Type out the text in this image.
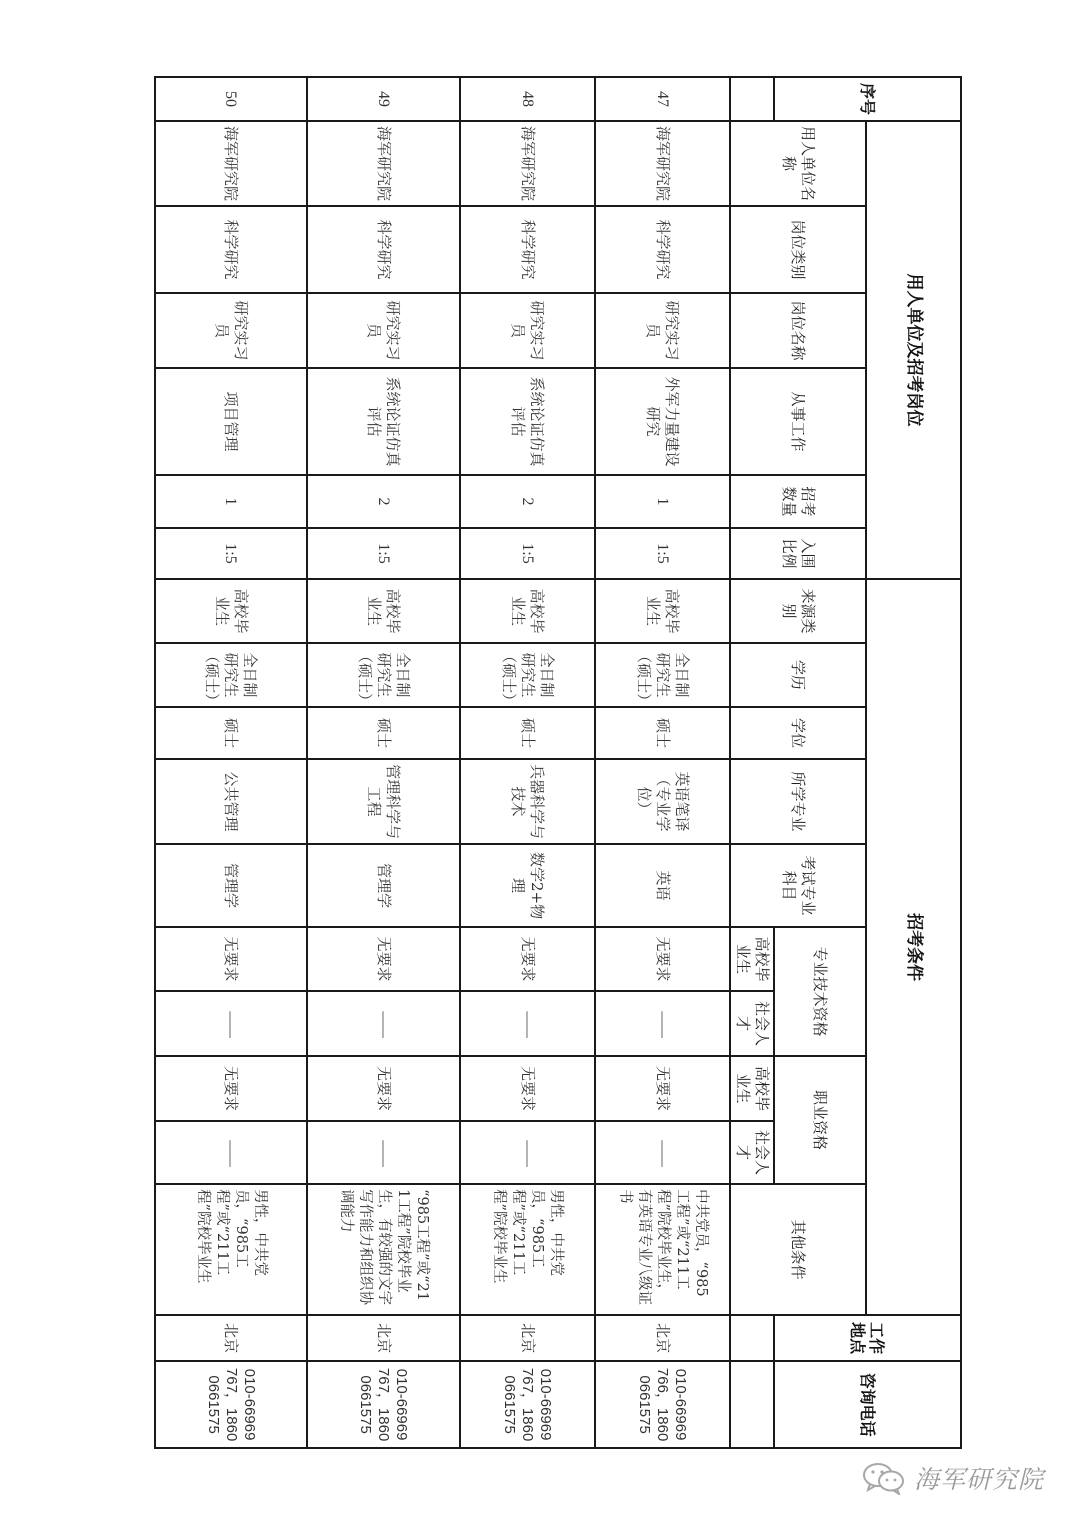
序号	用人单位及招考岗位						招考条件										工作地点	咨询电话
	用人单位名称	岗位类别	岗位名称	从事工作	招考数量	入围比例	来源类别	学历	学位	所学专业	考试专业科目	专业技术资格		职业资格		其他条件		
												高校毕业生	社会人才	高校毕业生	社会人才			
47	海军研究院	科学研究	研究实习员	外军力量建设研究	1	1:5	高校毕业生	全日制研究生（硕士）	硕士	英语笔译（专业学位）	英语	无要求	——	无要求	——	中共党员，“985工程”或“211工程”院校毕业生，有英语专业八级证书	北京	010-66969766，18600661575
48	海军研究院	科学研究	研究实习员	系统论证仿真评估	2	1:5	高校毕业生	全日制研究生（硕士）	硕士	兵器科学与技术	数学2+物理	无要求	——	无要求	——	男性，中共党员，“985工程”或“211工程”院校毕业生	北京	010-66969767，18600661575
49	海军研究院	科学研究	研究实习员	系统论证仿真评估	2	1:5	高校毕业生	全日制研究生（硕士）	硕士	管理科学与工程	管理学	无要求	——	无要求	——	“985工程”或“211工程”院校毕业生，有较强的文字写作能力和组织协调能力	北京	010-66969767，18600661575
50	海军研究院	科学研究	研究实习员	项目管理	1	1:5	高校毕业生	全日制研究生（硕士）	硕士	公共管理	管理学	无要求	——	无要求	——	男性，中共党员，“985工程”或“211工程”院校毕业生	北京	010-66969767，18600661575
海军研究院
